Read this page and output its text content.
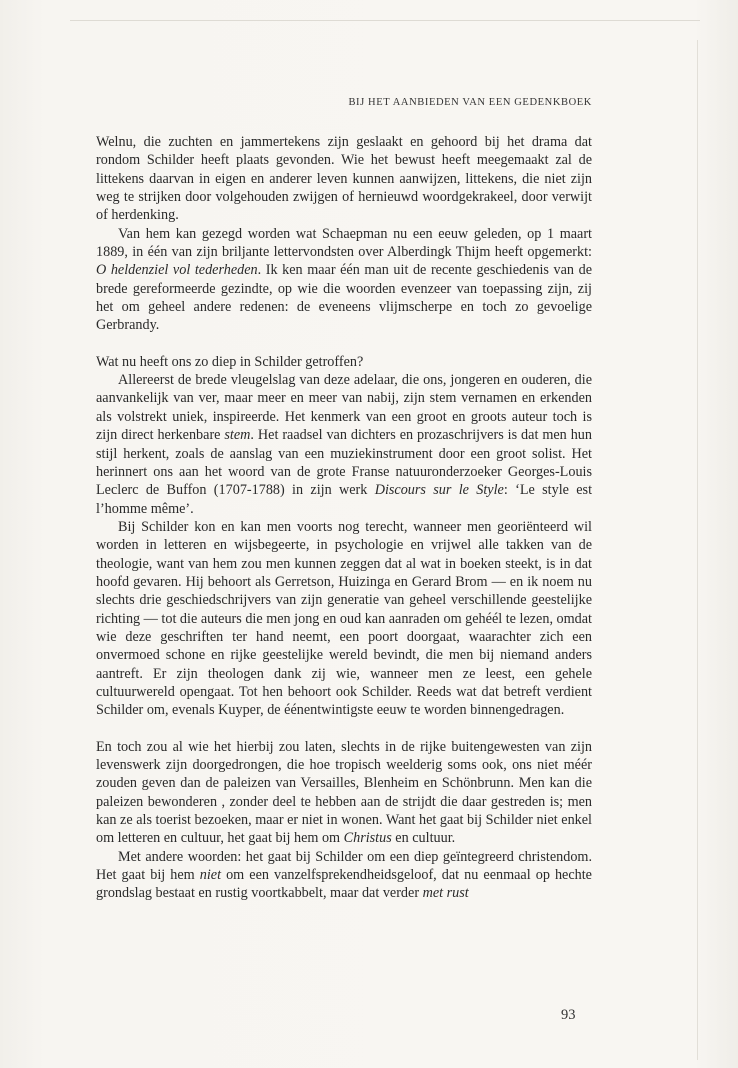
BIJ HET AANBIEDEN VAN EEN GEDENKBOEK

Welnu, die zuchten en jammertekens zijn geslaakt en gehoord bij het drama dat rondom Schilder heeft plaats gevonden. Wie het bewust heeft meegemaakt zal de littekens daarvan in eigen en anderer leven kunnen aanwijzen, littekens, die niet zijn weg te strijken door volgehouden zwijgen of hernieuwd woordgekrakeel, door verwijt of herdenking.

Van hem kan gezegd worden wat Schaepman nu een eeuw geleden, op 1 maart 1889, in één van zijn briljante lettervondsten over Alberdingk Thijm heeft opgemerkt: O heldenziel vol tederheden. Ik ken maar één man uit de recente geschiedenis van de brede gereformeerde gezindte, op wie die woorden evenzeer van toepassing zijn, zij het om geheel andere redenen: de eveneens vlijmscherpe en toch zo gevoelige Gerbrandy.

Wat nu heeft ons zo diep in Schilder getroffen?

Allereerst de brede vleugelslag van deze adelaar, die ons, jongeren en ouderen, die aanvankelijk van ver, maar meer en meer van nabij, zijn stem vernamen en erkenden als volstrekt uniek, inspireerde. Het kenmerk van een groot en groots auteur toch is zijn direct herkenbare stem. Het raadsel van dichters en prozaschrijvers is dat men hun stijl herkent, zoals de aanslag van een muziekinstrument door een groot solist. Het herinnert ons aan het woord van de grote Franse natuuronderzoeker Georges-Louis Leclerc de Buffon (1707-1788) in zijn werk Discours sur le Style: ‘Le style est l’homme même’.

Bij Schilder kon en kan men voorts nog terecht, wanneer men georiënteerd wil worden in letteren en wijsbegeerte, in psychologie en vrijwel alle takken van de theologie, want van hem zou men kunnen zeggen dat al wat in boeken steekt, is in dat hoofd gevaren. Hij behoort als Gerretson, Huizinga en Gerard Brom — en ik noem nu slechts drie geschiedschrijvers van zijn generatie van geheel verschillende geestelijke richting — tot die auteurs die men jong en oud kan aanraden om gehéél te lezen, omdat wie deze geschriften ter hand neemt, een poort doorgaat, waarachter zich een onvermoed schone en rijke geestelijke wereld bevindt, die men bij niemand anders aantreft. Er zijn theologen dank zij wie, wanneer men ze leest, een gehele cultuurwereld opengaat. Tot hen behoort ook Schilder. Reeds wat dat betreft verdient Schilder om, evenals Kuyper, de éénentwintigste eeuw te worden binnengedragen.

En toch zou al wie het hierbij zou laten, slechts in de rijke buitengewesten van zijn levenswerk zijn doorgedrongen, die hoe tropisch weelderig soms ook, ons niet méér zouden geven dan de paleizen van Versailles, Blenheim en Schönbrunn. Men kan die paleizen bewonderen , zonder deel te hebben aan de strijdt die daar gestreden is; men kan ze als toerist bezoeken, maar er niet in wonen. Want het gaat bij Schilder niet enkel om letteren en cultuur, het gaat bij hem om Christus en cultuur.

Met andere woorden: het gaat bij Schilder om een diep geïntegreerd christendom. Het gaat bij hem niet om een vanzelfsprekendheidsgeloof, dat nu eenmaal op hechte grondslag bestaat en rustig voortkabbelt, maar dat verder met rust

93
